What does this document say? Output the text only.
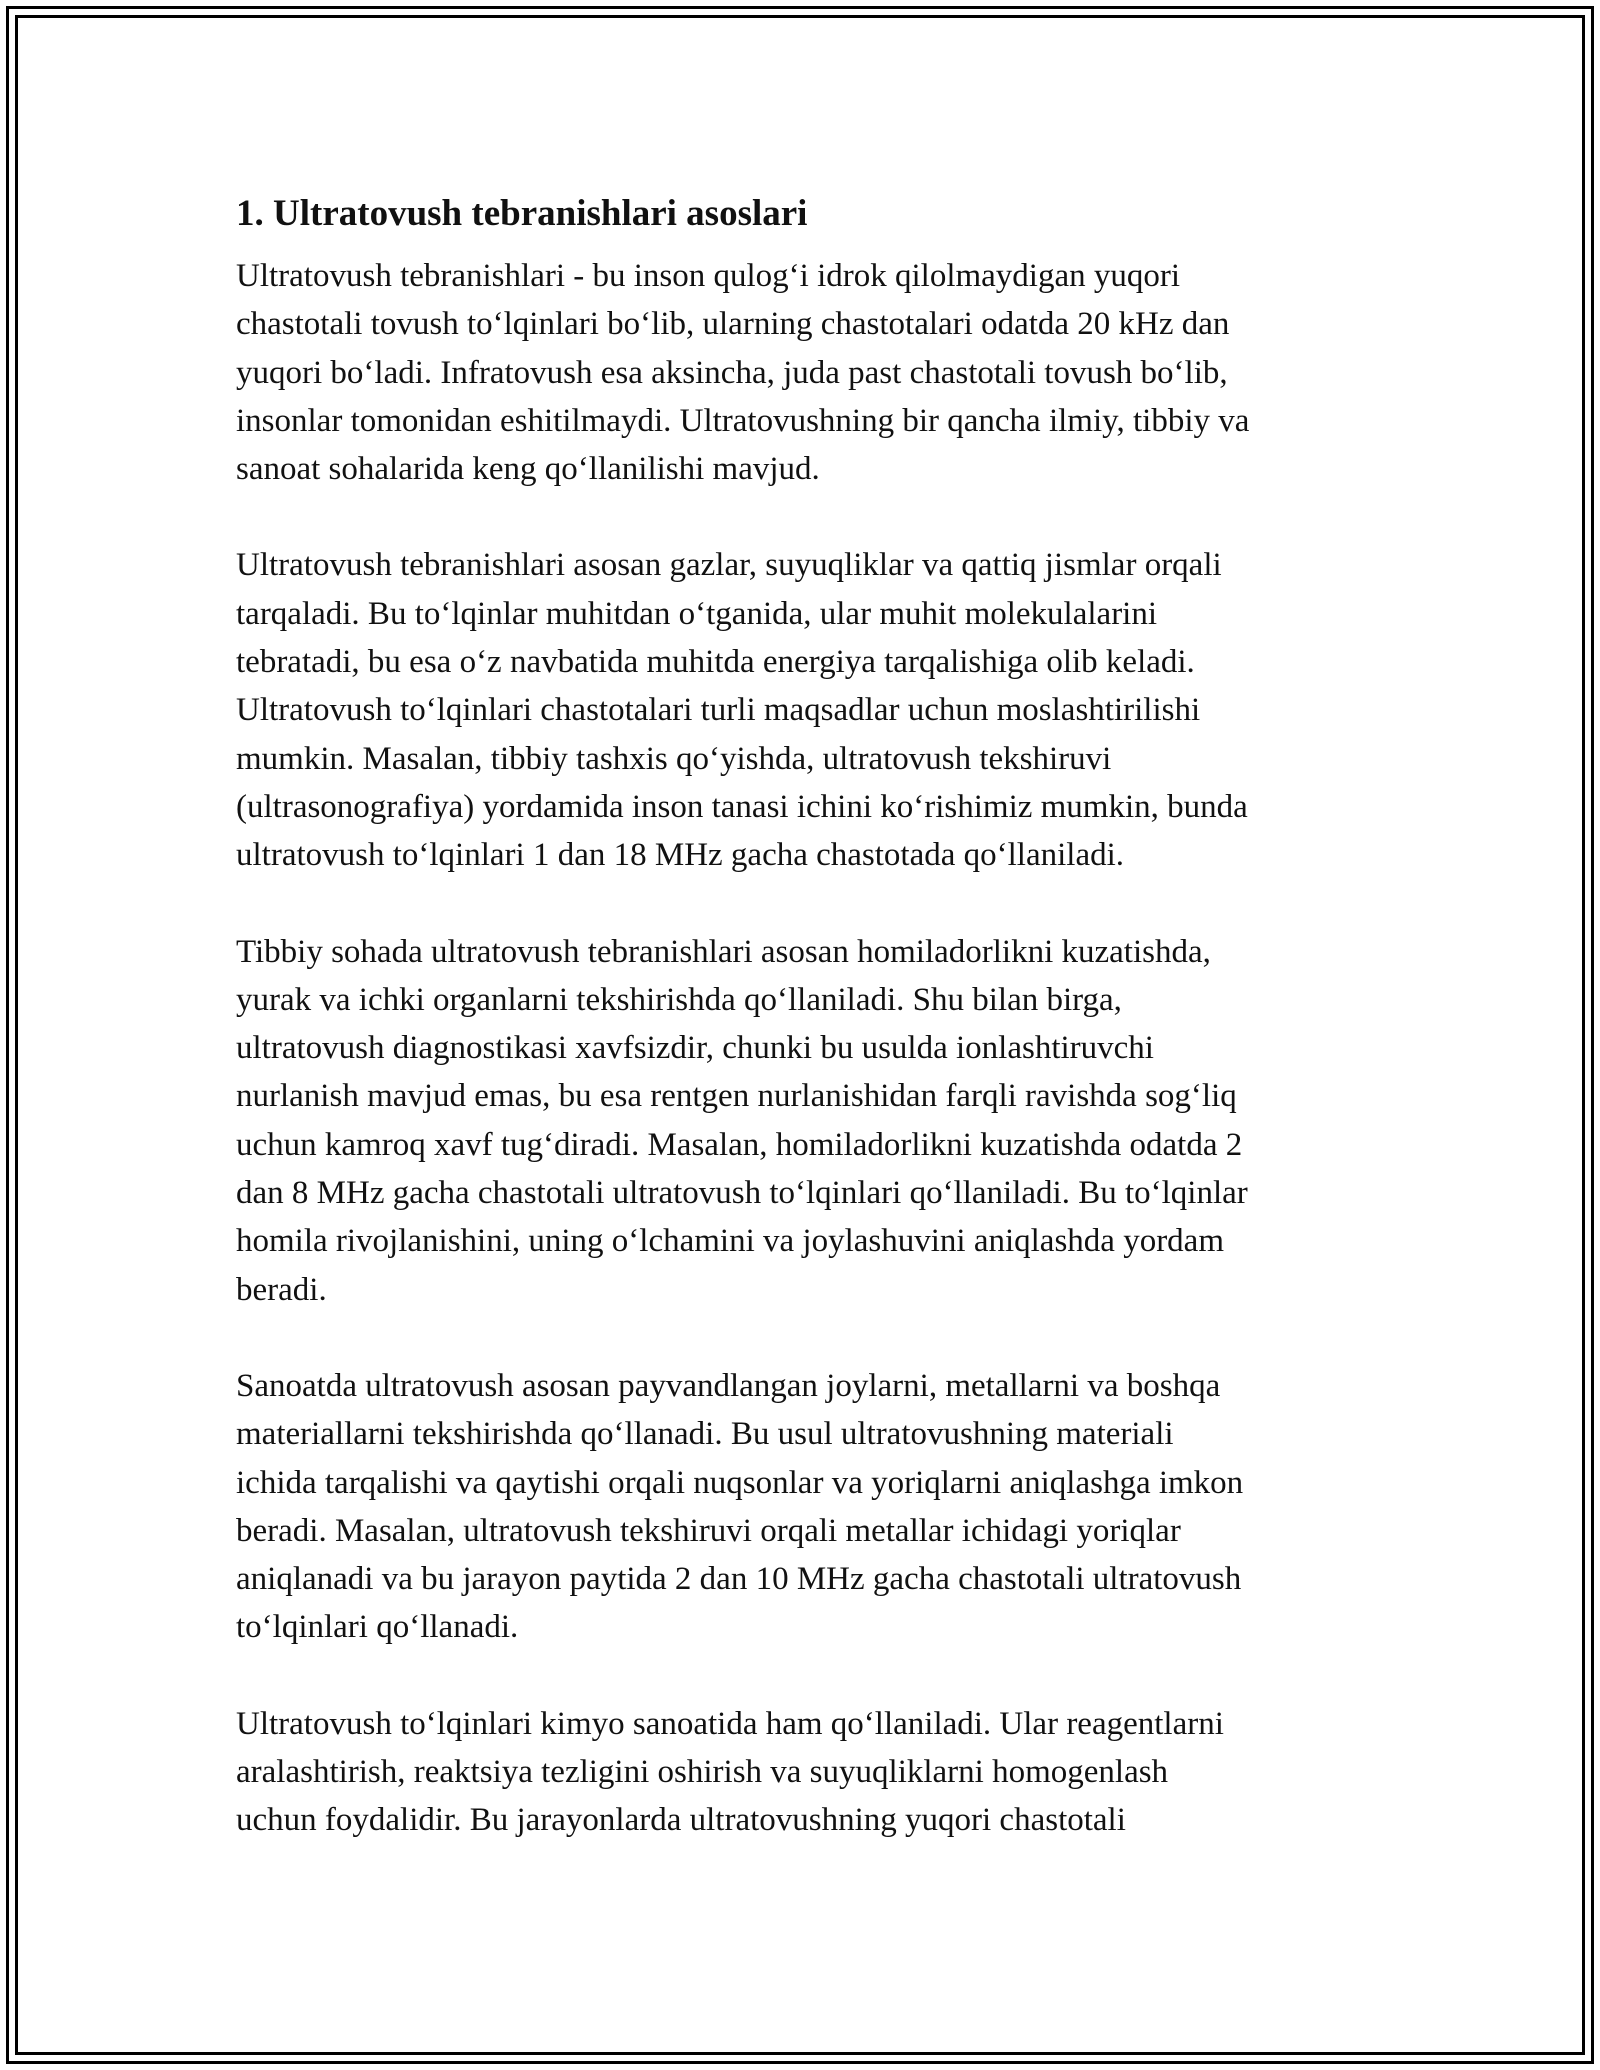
1. Ultratovush tebranishlari asoslari

Ultratovush tebranishlari - bu inson qulog‘i idrok qilolmaydigan yuqori
chastotali tovush to‘lqinlari bo‘lib, ularning chastotalari odatda 20 kHz dan
yuqori bo‘ladi. Infratovush esa aksincha, juda past chastotali tovush bo‘lib,
insonlar tomonidan eshitilmaydi. Ultratovushning bir qancha ilmiy, tibbiy va
sanoat sohalarida keng qo‘llanilishi mavjud.

Ultratovush tebranishlari asosan gazlar, suyuqliklar va qattiq jismlar orqali
tarqaladi. Bu to‘lqinlar muhitdan o‘tganida, ular muhit molekulalarini
tebratadi, bu esa o‘z navbatida muhitda energiya tarqalishiga olib keladi.
Ultratovush to‘lqinlari chastotalari turli maqsadlar uchun moslashtirilishi
mumkin. Masalan, tibbiy tashxis qo‘yishda, ultratovush tekshiruvi
(ultrasonografiya) yordamida inson tanasi ichini ko‘rishimiz mumkin, bunda
ultratovush to‘lqinlari 1 dan 18 MHz gacha chastotada qo‘llaniladi.

Tibbiy sohada ultratovush tebranishlari asosan homiladorlikni kuzatishda,
yurak va ichki organlarni tekshirishda qo‘llaniladi. Shu bilan birga,
ultratovush diagnostikasi xavfsizdir, chunki bu usulda ionlashtiruvchi
nurlanish mavjud emas, bu esa rentgen nurlanishidan farqli ravishda sog‘liq
uchun kamroq xavf tug‘diradi. Masalan, homiladorlikni kuzatishda odatda 2
dan 8 MHz gacha chastotali ultratovush to‘lqinlari qo‘llaniladi. Bu to‘lqinlar
homila rivojlanishini, uning o‘lchamini va joylashuvini aniqlashda yordam
beradi.

Sanoatda ultratovush asosan payvandlangan joylarni, metallarni va boshqa
materiallarni tekshirishda qo‘llanadi. Bu usul ultratovushning materiali
ichida tarqalishi va qaytishi orqali nuqsonlar va yoriqlarni aniqlashga imkon
beradi. Masalan, ultratovush tekshiruvi orqali metallar ichidagi yoriqlar
aniqlanadi va bu jarayon paytida 2 dan 10 MHz gacha chastotali ultratovush
to‘lqinlari qo‘llanadi.

Ultratovush to‘lqinlari kimyo sanoatida ham qo‘llaniladi. Ular reagentlarni
aralashtirish, reaktsiya tezligini oshirish va suyuqliklarni homogenlash
uchun foydalidir. Bu jarayonlarda ultratovushning yuqori chastotali
